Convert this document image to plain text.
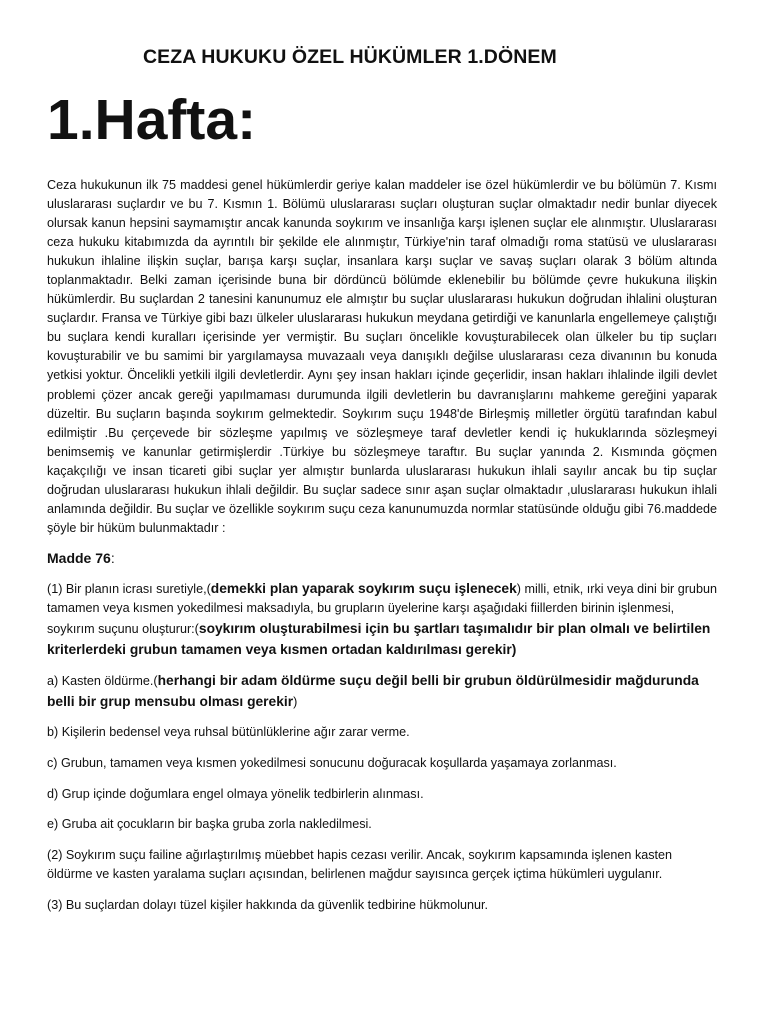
CEZA HUKUKU ÖZEL HÜKÜMLER 1.DÖNEM
1.Hafta:

Ceza hukukunun ilk 75 maddesi genel hükümlerdir geriye kalan maddeler ise özel hükümlerdir ve bu bölümün 7. Kısmı uluslararası suçlardır ve bu 7. Kısmın 1. Bölümü uluslararası suçları oluşturan suçlar olmaktadır nedir bunlar diyecek olursak kanun hepsini saymamıştır ancak kanunda soykırım ve insanlığa karşı işlenen suçlar ele alınmıştır. Uluslararası ceza hukuku kitabımızda da ayrıntılı bir şekilde ele alınmıştır, Türkiye'nin taraf olmadığı roma statüsü ve uluslararası hukukun ihlaline ilişkin suçlar, barışa karşı suçlar, insanlara karşı suçlar ve savaş suçları olarak 3 bölüm altında toplanmaktadır. Belki zaman içerisinde buna bir dördüncü bölümde eklenebilir bu bölümde çevre hukukuna ilişkin hükümlerdir. Bu suçlardan 2 tanesini kanunumuz ele almıştır bu suçlar uluslararası hukukun doğrudan ihlalini oluşturan suçlardır. Fransa ve Türkiye gibi bazı ülkeler uluslararası hukukun meydana getirdiği ve kanunlarla engellemeye çalıştığı bu suçlara kendi kuralları içerisinde yer vermiştir. Bu suçları öncelikle kovuşturabilecek olan ülkeler bu tip suçları kovuşturabilir ve bu samimi bir yargılamaysa muvazaalı veya danışıklı değilse uluslararası ceza divanının bu konuda yetkisi yoktur. Öncelikli yetkili ilgili devletlerdir. Aynı şey insan hakları içinde geçerlidir, insan hakları ihlalinde ilgili devlet problemi çözer ancak gereği yapılmaması durumunda ilgili devletlerin bu davranışlarını mahkeme gereğini yaparak düzeltir. Bu suçların başında soykırım gelmektedir. Soykırım suçu 1948'de Birleşmiş milletler örgütü tarafından kabul edilmiştir .Bu çerçevede bir sözleşme yapılmış ve sözleşmeye taraf devletler kendi iç hukuklarında sözleşmeyi benimsemiş ve kanunlar getirmişlerdir .Türkiye bu sözleşmeye taraftır. Bu suçlar yanında 2. Kısmında göçmen kaçakçılığı ve insan ticareti gibi suçlar yer almıştır bunlarda uluslararası hukukun ihlali sayılır ancak bu tip suçlar doğrudan uluslararası hukukun ihlali değildir. Bu suçlar sadece sınır aşan suçlar olmaktadır ,uluslararası hukukun ihlali anlamında değildir. Bu suçlar ve özellikle soykırım suçu ceza kanunumuzda normlar statüsünde olduğu gibi 76.maddede şöyle bir hüküm bulunmaktadır :

Madde 76:

(1) Bir planın icrası suretiyle,(demekki plan yaparak soykırım suçu işlenecek) milli, etnik, ırki veya dini bir grubun tamamen veya kısmen yokedilmesi maksadıyla, bu grupların üyelerine karşı aşağıdaki fiillerden birinin işlenmesi, soykırım suçunu oluşturur:(soykırım oluşturabilmesi için bu şartları taşımalıdır bir plan olmalı ve belirtilen kriterlerdeki grubun tamamen veya kısmen ortadan kaldırılması gerekir)

a) Kasten öldürme.(herhangi bir adam öldürme suçu değil belli bir grubun öldürülmesidir mağdurunda belli bir grup mensubu olması gerekir)

b) Kişilerin bedensel veya ruhsal bütünlüklerine ağır zarar verme.

c) Grubun, tamamen veya kısmen yokedilmesi sonucunu doğuracak koşullarda yaşamaya zorlanması.

d) Grup içinde doğumlara engel olmaya yönelik tedbirlerin alınması.

e) Gruba ait çocukların bir başka gruba zorla nakledilmesi.

(2) Soykırım suçu failine ağırlaştırılmış müebbet hapis cezası verilir. Ancak, soykırım kapsamında işlenen kasten öldürme ve kasten yaralama suçları açısından, belirlenen mağdur sayısınca gerçek içtima hükümleri uygulanır.

(3) Bu suçlardan dolayı tüzel kişiler hakkında da güvenlik tedbirine hükmolunur.
